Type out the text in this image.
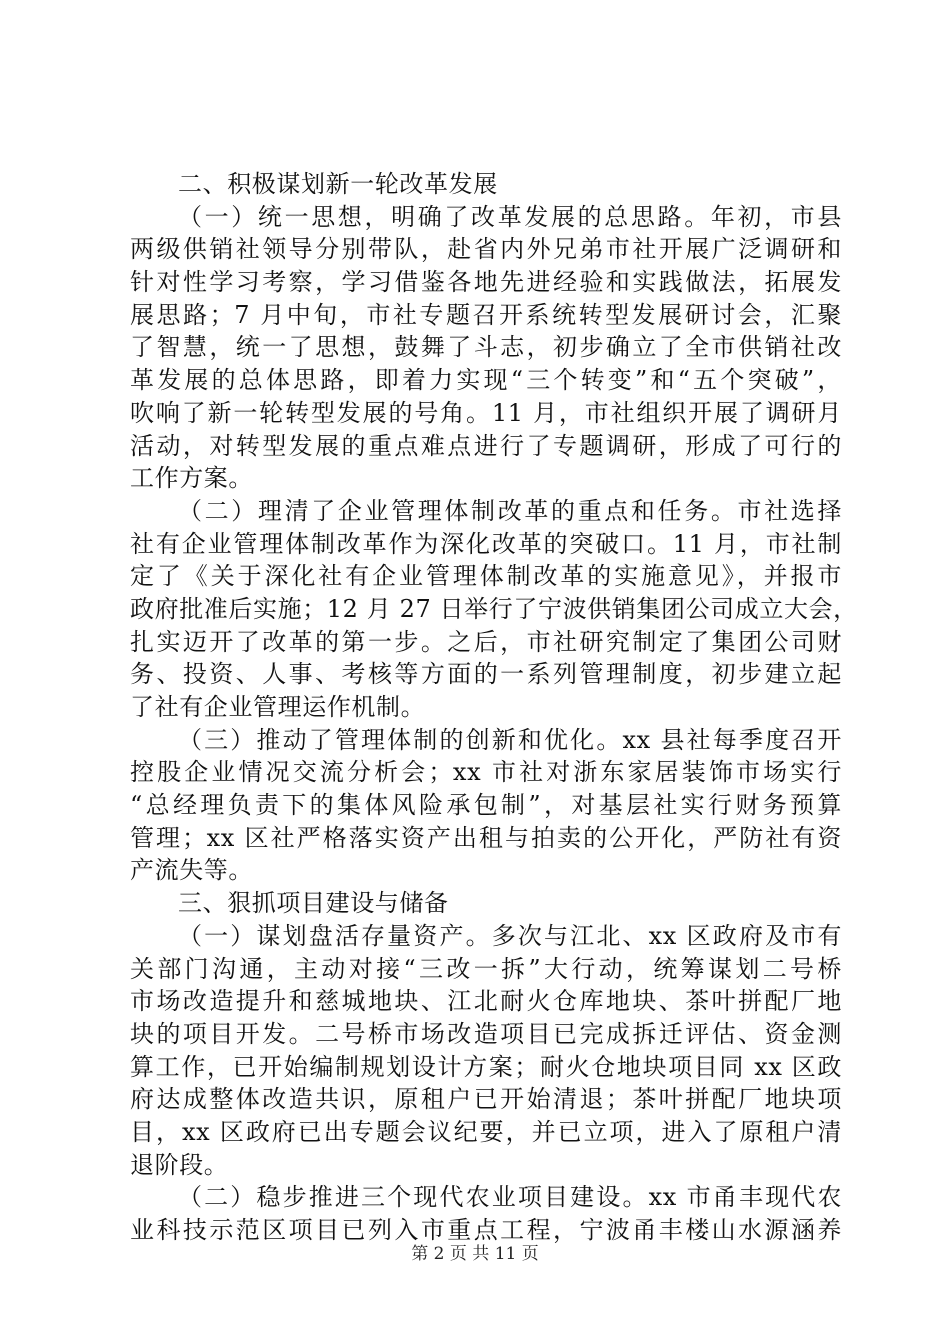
二、积极谋划新一轮改革发展
（一）统一思想，明确了改革发展的总思路。年初，市县
两级供销社领导分别带队，赴省内外兄弟市社开展广泛调研和
针对性学习考察，学习借鉴各地先进经验和实践做法，拓展发
展思路；7 月中旬，市社专题召开系统转型发展研讨会，汇聚
了智慧，统一了思想，鼓舞了斗志，初步确立了全市供销社改
革发展的总体思路，即着力实现“三个转变”和“五个突破”，
吹响了新一轮转型发展的号角。11 月，市社组织开展了调研月
活动，对转型发展的重点难点进行了专题调研，形成了可行的
工作方案。
（二）理清了企业管理体制改革的重点和任务。市社选择
社有企业管理体制改革作为深化改革的突破口。11 月，市社制
定了《关于深化社有企业管理体制改革的实施意见》，并报市
政府批准后实施；12 月 27 日举行了宁波供销集团公司成立大会，
扎实迈开了改革的第一步。之后，市社研究制定了集团公司财
务、投资、人事、考核等方面的一系列管理制度，初步建立起
了社有企业管理运作机制。
（三）推动了管理体制的创新和优化。xx 县社每季度召开
控股企业情况交流分析会；xx 市社对浙东家居装饰市场实行
“总经理负责下的集体风险承包制”，对基层社实行财务预算
管理；xx 区社严格落实资产出租与拍卖的公开化，严防社有资
产流失等。
三、狠抓项目建设与储备
（一）谋划盘活存量资产。多次与江北、xx 区政府及市有
关部门沟通，主动对接“三改一拆”大行动，统筹谋划二号桥
市场改造提升和慈城地块、江北耐火仓库地块、茶叶拼配厂地
块的项目开发。二号桥市场改造项目已完成拆迁评估、资金测
算工作，已开始编制规划设计方案；耐火仓地块项目同 xx 区政
府达成整体改造共识，原租户已开始清退；茶叶拼配厂地块项
目，xx 区政府已出专题会议纪要，并已立项，进入了原租户清
退阶段。
（二）稳步推进三个现代农业项目建设。xx 市甬丰现代农
业科技示范区项目已列入市重点工程，宁波甬丰楼山水源涵养
第 2 页 共 11 页
